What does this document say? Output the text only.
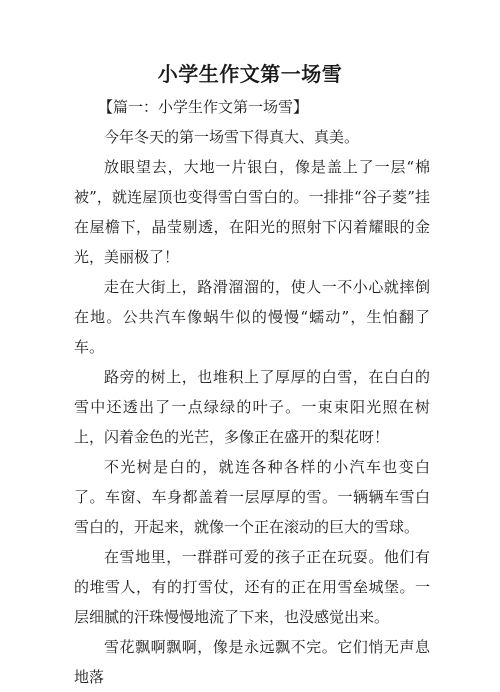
小学生作文第一场雪

【篇一：小学生作文第一场雪】

今年冬天的第一场雪下得真大、真美。

放眼望去，大地一片银白，像是盖上了一层“棉被”，就连屋顶也变得雪白雪白的。一排排“谷子菱”挂在屋檐下，晶莹剔透，在阳光的照射下闪着耀眼的金光，美丽极了！

走在大街上，路滑溜溜的，使人一不小心就摔倒在地。公共汽车像蜗牛似的慢慢“蠕动”，生怕翻了车。

路旁的树上，也堆积上了厚厚的白雪，在白白的雪中还透出了一点绿绿的叶子。一束束阳光照在树上，闪着金色的光芒，多像正在盛开的梨花呀！

不光树是白的，就连各种各样的小汽车也变白了。车窗、车身都盖着一层厚厚的雪。一辆辆车雪白雪白的，开起来，就像一个正在滚动的巨大的雪球。

在雪地里，一群群可爱的孩子正在玩耍。他们有的堆雪人，有的打雪仗，还有的正在用雪垒城堡。一层细腻的汗珠慢慢地流了下来，也没感觉出来。

雪花飘啊飘啊，像是永远飘不完。它们悄无声息地落
